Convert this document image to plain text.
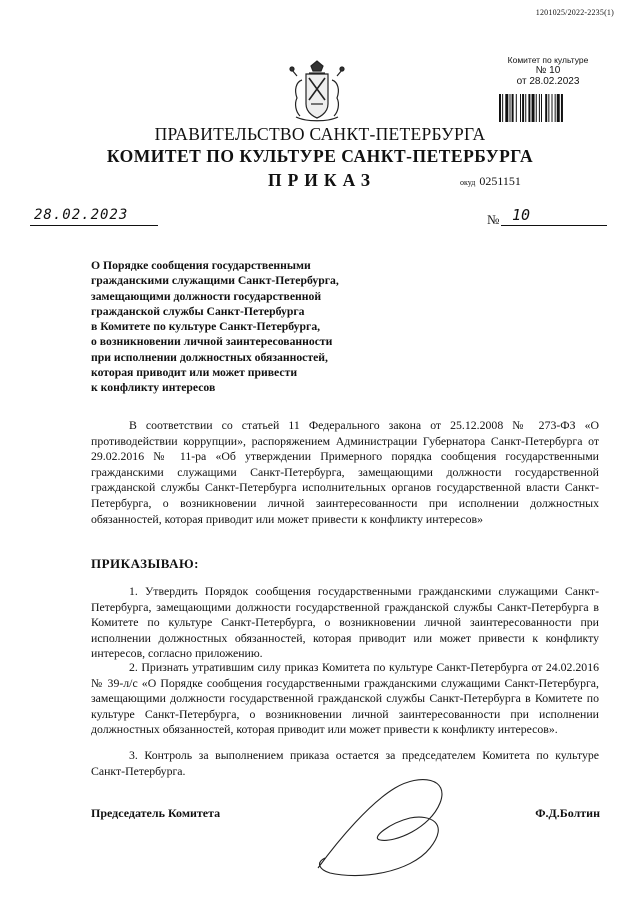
1201025/2022-2235(1)
Комитет по культуре
№ 10
от 28.02.2023
ПРАВИТЕЛЬСТВО САНКТ-ПЕТЕРБУРГА
КОМИТЕТ ПО КУЛЬТУРЕ САНКТ-ПЕТЕРБУРГА
ПРИКАЗ	окуд 0251151
28.02.2023	№ 10
О Порядке сообщения государственными
гражданскими служащими Санкт-Петербурга,
замещающими должности государственной
гражданской службы Санкт-Петербурга
в Комитете по культуре Санкт-Петербурга,
о возникновении личной заинтересованности
при исполнении должностных обязанностей,
которая приводит или может привести
к конфликту интересов
В соответствии со статьей 11 Федерального закона от 25.12.2008 № 273-ФЗ «О противодействии коррупции», распоряжением Администрации Губернатора Санкт-Петербурга от 29.02.2016 № 11-ра «Об утверждении Примерного порядка сообщения государственными гражданскими служащими Санкт-Петербурга, замещающими должности государственной гражданской службы Санкт-Петербурга исполнительных органов государственной власти Санкт-Петербурга, о возникновении личной заинтересованности при исполнении должностных обязанностей, которая приводит или может привести к конфликту интересов»
ПРИКАЗЫВАЮ:
1. Утвердить Порядок сообщения государственными гражданскими служащими Санкт-Петербурга, замещающими должности государственной гражданской службы Санкт-Петербурга в Комитете по культуре Санкт-Петербурга, о возникновении личной заинтересованности при исполнении должностных обязанностей, которая приводит или может привести к конфликту интересов, согласно приложению.
2. Признать утратившим силу приказ Комитета по культуре Санкт-Петербурга от 24.02.2016 № 39-л/с «О Порядке сообщения государственными гражданскими служащими Санкт-Петербурга, замещающими должности государственной гражданской службы Санкт-Петербурга в Комитете по культуре Санкт-Петербурга, о возникновении личной заинтересованности при исполнении должностных обязанностей, которая приводит или может привести к конфликту интересов».
3. Контроль за выполнением приказа остается за председателем Комитета по культуре Санкт-Петербурга.
Председатель Комитета	Ф.Д.Болтин
